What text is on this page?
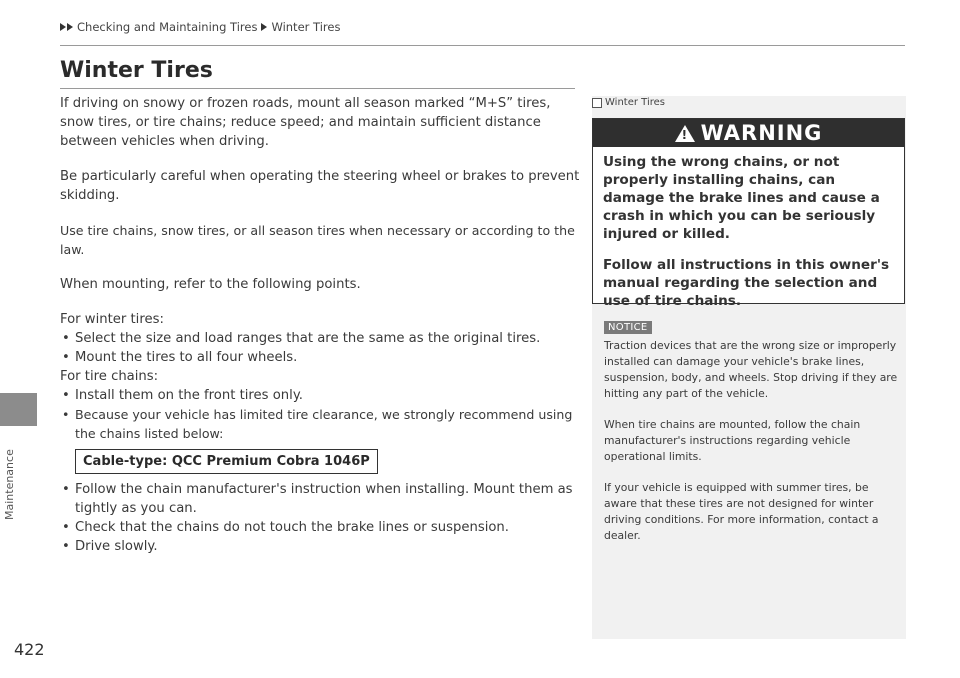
Checking and Maintaining Tires Winter Tires
Maintenance
422
Winter Tires

If driving on snowy or frozen roads, mount all season marked “M+S” tires, snow tires, or tire chains; reduce speed; and maintain sufficient distance between vehicles when driving.

Be particularly careful when operating the steering wheel or brakes to prevent skidding.

Use tire chains, snow tires, or all season tires when necessary or according to the law.

When mounting, refer to the following points.

For winter tires:
• Select the size and load ranges that are the same as the original tires.
• Mount the tires to all four wheels.
For tire chains:
• Install them on the front tires only.
• Because your vehicle has limited tire clearance, we strongly recommend using the chains listed below:
Cable-type: QCC Premium Cobra 1046P
• Follow the chain manufacturer's instruction when installing. Mount them as tightly as you can.
• Check that the chains do not touch the brake lines or suspension.
• Drive slowly.
Winter Tires
!
WARNING

Using the wrong chains, or not properly installing chains, can damage the brake lines and cause a crash in which you can be seriously injured or killed.

Follow all instructions in this owner's manual regarding the selection and use of tire chains.

NOTICE

Traction devices that are the wrong size or improperly installed can damage your vehicle's brake lines, suspension, body, and wheels. Stop driving if they are hitting any part of the vehicle.

When tire chains are mounted, follow the chain manufacturer's instructions regarding vehicle operational limits.

If your vehicle is equipped with summer tires, be aware that these tires are not designed for winter driving conditions. For more information, contact a dealer.
